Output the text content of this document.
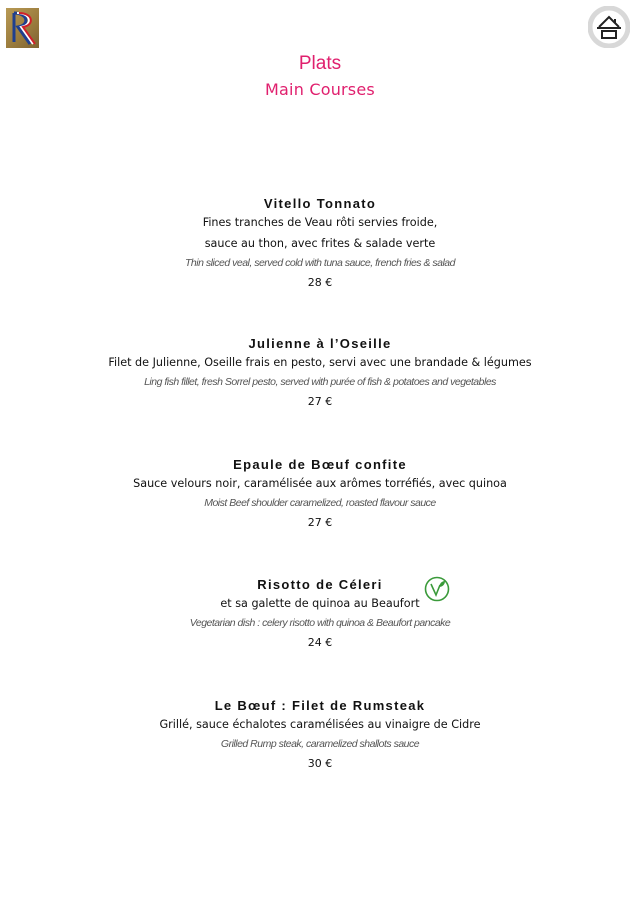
Plats
Main Courses
Vitello Tonnato
Fines tranches de Veau rôti servies froide,
sauce au thon, avec frites & salade verte
Thin sliced veal, served cold with tuna sauce, french fries & salad
28 €
Julienne à l’Oseille
Filet de Julienne, Oseille frais en pesto, servi avec une brandade & légumes
Ling fish fillet, fresh Sorrel pesto, served with purée of fish & potatoes and vegetables
27 €
Epaule de Bœuf confite
Sauce velours noir, caramélisée aux arômes torréfiés, avec quinoa
Moist Beef shoulder caramelized, roasted flavour sauce
27 €
Risotto de Céleri
et sa galette de quinoa au Beaufort
Vegetarian dish : celery risotto with quinoa & Beaufort pancake
24 €
Le Bœuf : Filet de Rumsteak
Grillé, sauce échalotes caramélisées au vinaigre de Cidre
Grilled Rump steak, caramelized shallots sauce
30 €
